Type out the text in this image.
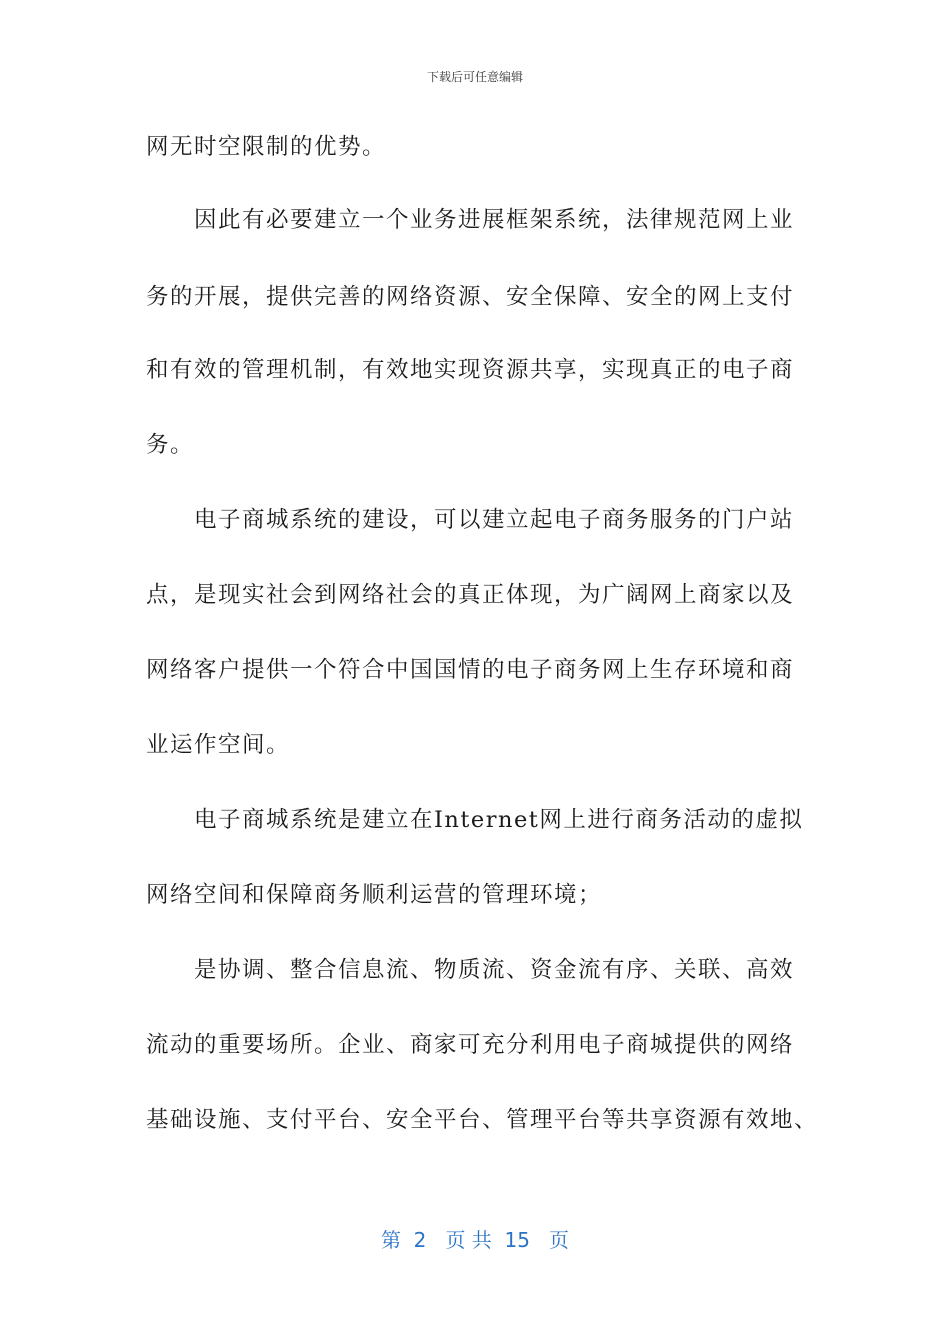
下载后可任意编辑
网无时空限制的优势。
因此有必要建立一个业务进展框架系统，法律规范网上业
务的开展，提供完善的网络资源、安全保障、安全的网上支付
和有效的管理机制，有效地实现资源共享，实现真正的电子商
务。
电子商城系统的建设，可以建立起电子商务服务的门户站
点，是现实社会到网络社会的真正体现，为广阔网上商家以及
网络客户提供一个符合中国国情的电子商务网上生存环境和商
业运作空间。
电子商城系统是建立在Internet网上进行商务活动的虚拟
网络空间和保障商务顺利运营的管理环境；
是协调、整合信息流、物质流、资金流有序、关联、高效
流动的重要场所。企业、商家可充分利用电子商城提供的网络
基础设施、支付平台、安全平台、管理平台等共享资源有效地、
第  2   页 共  15   页
